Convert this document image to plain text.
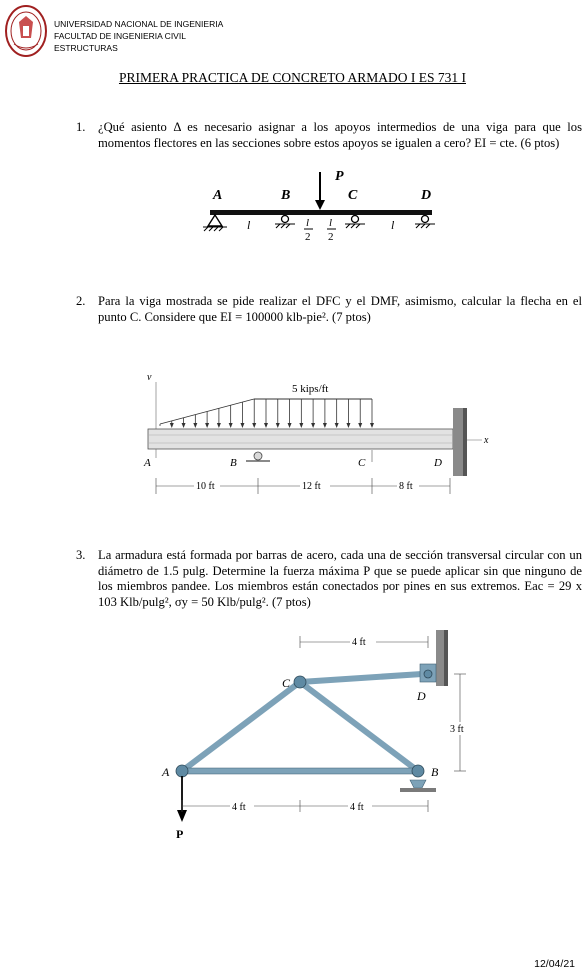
UNIVERSIDAD NACIONAL DE INGENIERIA
FACULTAD DE INGENIERIA CIVIL
ESTRUCTURAS
PRIMERA PRACTICA DE CONCRETO ARMADO I ES 731 I
1. ¿Qué asiento Δ es necesario asignar a los apoyos intermedios de una viga para que los momentos flectores en las secciones sobre estos apoyos se igualen a cero? EI = cte. (6 ptos)
P
A	B	C	D
l	l
2
l
2
l
2. Para la viga mostrada se pide realizar el DFC y el DMF, asimismo, calcular la flecha en el punto C. Considere que EI = 100000 klb-pie². (7 ptos)
v
x
5 kips/ft
A	B	C	D
10 ft	12 ft	8 ft
3. La armadura está formada por barras de acero, cada una de sección transversal circular con un diámetro de 1.5 pulg. Determine la fuerza máxima P que se puede aplicar sin que ninguno de los miembros pandee. Los miembros están conectados por pines en sus extremos. Eac = 29 x 103 Klb/pulg², σy = 50 Klb/pulg². (7 ptos)
P
A
C
B
D
4 ft
3 ft
4 ft	4 ft
12/04/21
